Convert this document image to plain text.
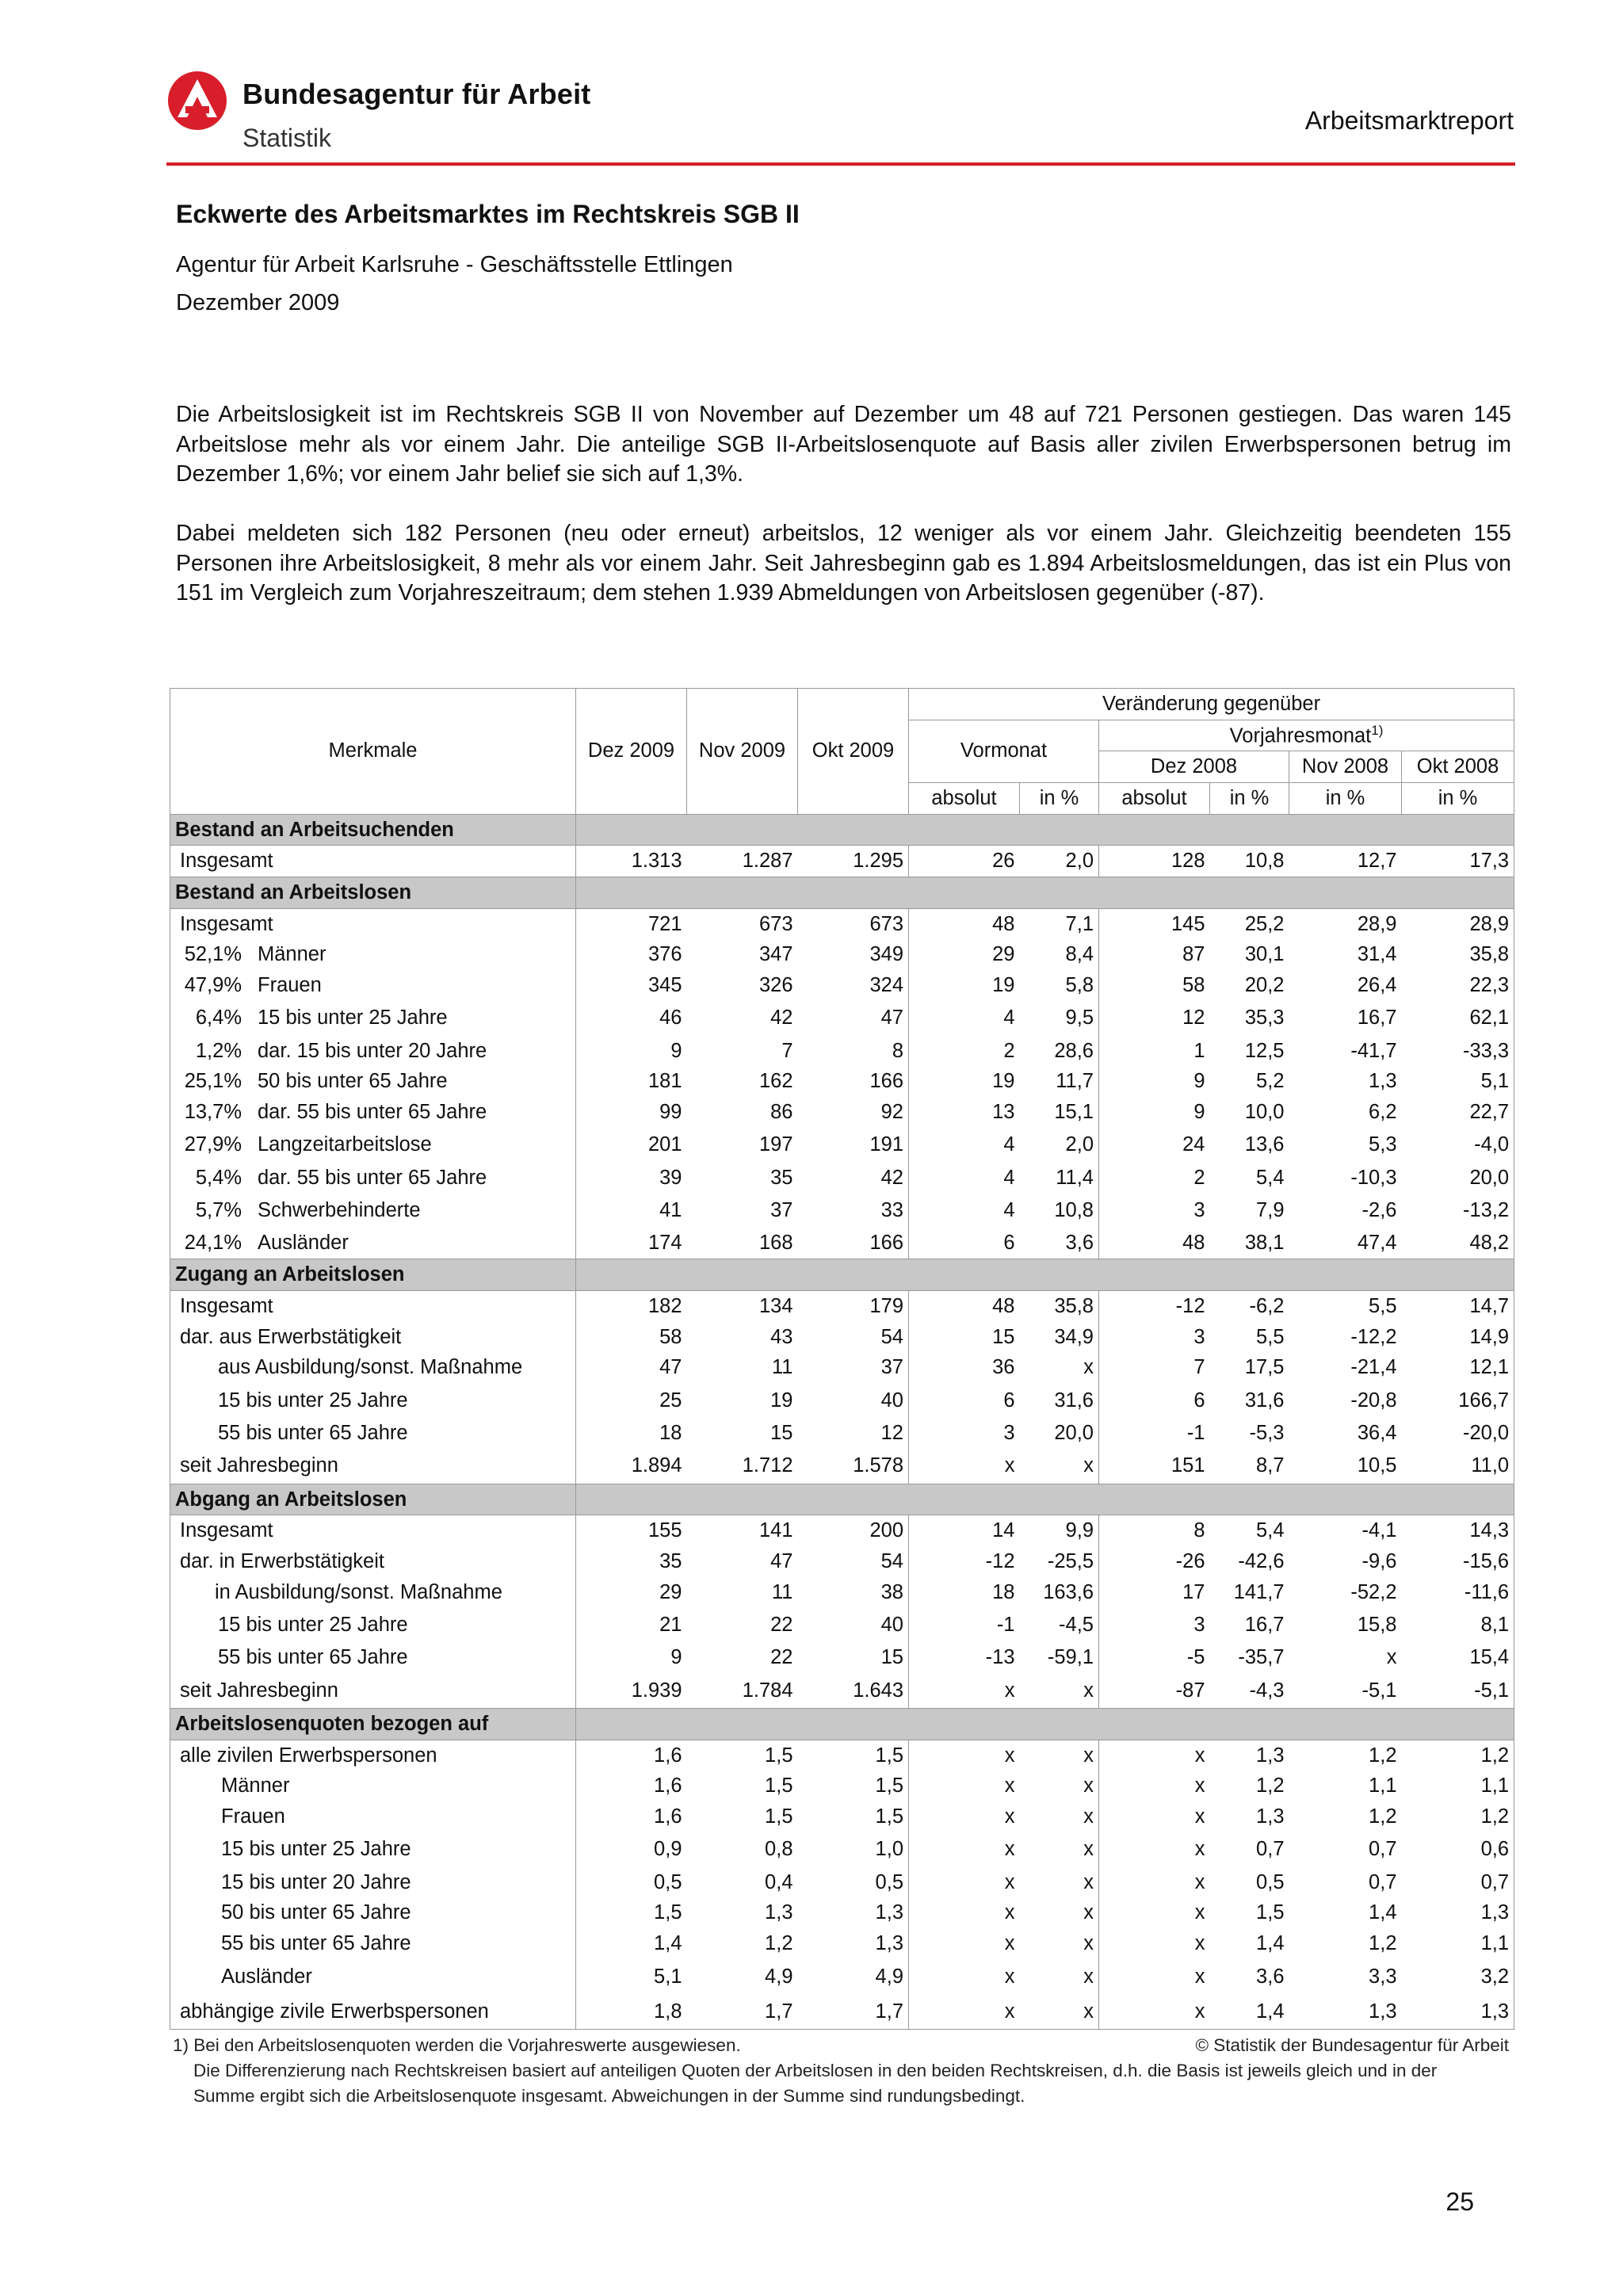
Bundesagentur für Arbeit
Statistik
Arbeitsmarktreport
Eckwerte des Arbeitsmarktes im Rechtskreis SGB II
Agentur für Arbeit Karlsruhe - Geschäftsstelle Ettlingen
Dezember 2009
Die Arbeitslosigkeit ist im Rechtskreis SGB II von November auf Dezember um 48 auf 721 Personen gestiegen. Das waren 145 Arbeitslose mehr als vor einem Jahr. Die anteilige SGB II-Arbeitslosenquote auf Basis aller zivilen Erwerbspersonen betrug im Dezember 1,6%; vor einem Jahr belief sie sich auf 1,3%.
Dabei meldeten sich 182 Personen (neu oder erneut) arbeitslos, 12 weniger als vor einem Jahr. Gleichzeitig beendeten 155 Personen ihre Arbeitslosigkeit, 8 mehr als vor einem Jahr. Seit Jahresbeginn gab es 1.894 Arbeitslosmeldungen, das ist ein Plus von 151 im Vergleich zum Vorjahreszeitraum; dem stehen 1.939 Abmeldungen von Arbeitslosen gegenüber (-87).
Merkmale	Dez 2009	Nov 2009	Okt 2009	Veränderung gegenüber					
				Vormonat		Vorjahresmonat$^{1)}$
						Dez 2008		Nov 2008	Okt 2008
				absolut	in %	absolut	in %	in %	in %
Bestand an Arbeitsuchenden									
Insgesamt	1.313	1.287	1.295	26	2,0	128	10,8	12,7	17,3
Bestand an Arbeitslosen									
Insgesamt	721	673	673	48	7,1	145	25,2	28,9	28,9
52,1% Männer	376	347	349	29	8,4	87	30,1	31,4	35,8
47,9% Frauen	345	326	324	19	5,8	58	20,2	26,4	22,3
6,4% 15 bis unter 25 Jahre	46	42	47	4	9,5	12	35,3	16,7	62,1
1,2% dar. 15 bis unter 20 Jahre	9	7	8	2	28,6	1	12,5	-41,7	-33,3
25,1% 50 bis unter 65 Jahre	181	162	166	19	11,7	9	5,2	1,3	5,1
13,7% dar. 55 bis unter 65 Jahre	99	86	92	13	15,1	9	10,0	6,2	22,7
27,9% Langzeitarbeitslose	201	197	191	4	2,0	24	13,6	5,3	-4,0
5,4% dar. 55 bis unter 65 Jahre	39	35	42	4	11,4	2	5,4	-10,3	20,0
5,7% Schwerbehinderte	41	37	33	4	10,8	3	7,9	-2,6	-13,2
24,1% Ausländer	174	168	166	6	3,6	48	38,1	47,4	48,2
Zugang an Arbeitslosen									
Insgesamt	182	134	179	48	35,8	-12	-6,2	5,5	14,7
dar. aus Erwerbstätigkeit	58	43	54	15	34,9	3	5,5	-12,2	14,9
aus Ausbildung/sonst. Maßnahme	47	11	37	36	x	7	17,5	-21,4	12,1
15 bis unter 25 Jahre	25	19	40	6	31,6	6	31,6	-20,8	166,7
55 bis unter 65 Jahre	18	15	12	3	20,0	-1	-5,3	36,4	-20,0
seit Jahresbeginn	1.894	1.712	1.578	x	x	151	8,7	10,5	11,0
Abgang an Arbeitslosen									
Insgesamt	155	141	200	14	9,9	8	5,4	-4,1	14,3
dar. in Erwerbstätigkeit	35	47	54	-12	-25,5	-26	-42,6	-9,6	-15,6
in Ausbildung/sonst. Maßnahme	29	11	38	18	163,6	17	141,7	-52,2	-11,6
15 bis unter 25 Jahre	21	22	40	-1	-4,5	3	16,7	15,8	8,1
55 bis unter 65 Jahre	9	22	15	-13	-59,1	-5	-35,7	x	15,4
seit Jahresbeginn	1.939	1.784	1.643	x	x	-87	-4,3	-5,1	-5,1
Arbeitslosenquoten bezogen auf									
alle zivilen Erwerbspersonen	1,6	1,5	1,5	x	x	x	1,3	1,2	1,2
Männer	1,6	1,5	1,5	x	x	x	1,2	1,1	1,1
Frauen	1,6	1,5	1,5	x	x	x	1,3	1,2	1,2
15 bis unter 25 Jahre	0,9	0,8	1,0	x	x	x	0,7	0,7	0,6
15 bis unter 20 Jahre	0,5	0,4	0,5	x	x	x	0,5	0,7	0,7
50 bis unter 65 Jahre	1,5	1,3	1,3	x	x	x	1,5	1,4	1,3
55 bis unter 65 Jahre	1,4	1,2	1,3	x	x	x	1,4	1,2	1,1
Ausländer	5,1	4,9	4,9	x	x	x	3,6	3,3	3,2
abhängige zivile Erwerbspersonen	1,8	1,7	1,7	x	x	x	1,4	1,3	1,3
1) Bei den Arbeitslosenquoten werden die Vorjahreswerte ausgewiesen.
Die Differenzierung nach Rechtskreisen basiert auf anteiligen Quoten der Arbeitslosen in den beiden Rechtskreisen, d.h. die Basis ist jeweils gleich und in der
Summe ergibt sich die Arbeitslosenquote insgesamt. Abweichungen in der Summe sind rundungsbedingt.
© Statistik der Bundesagentur für Arbeit
25
